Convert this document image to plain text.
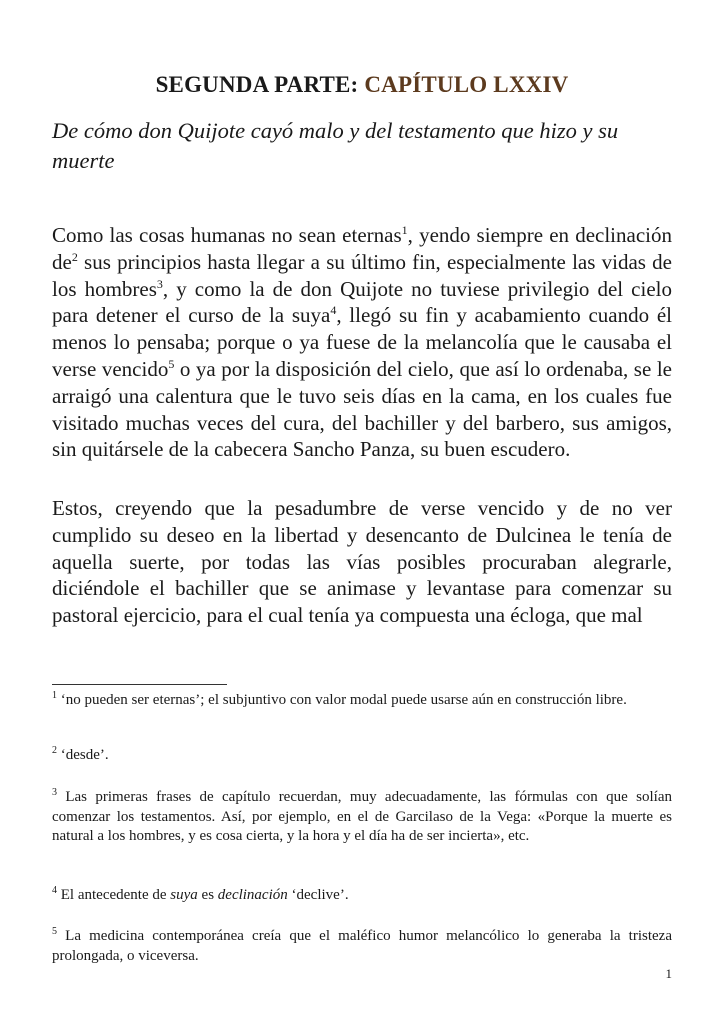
SEGUNDA PARTE: CAPÍTULO LXXIV

De cómo don Quijote cayó malo y del testamento que hizo y su muerte

Como las cosas humanas no sean eternas$^1$, yendo siempre en declinación $de^2$ sus principios hasta llegar a su último fin, especialmente las vidas de los hombres$^3$, y como la de don Quijote no tuviese privilegio del cielo para detener el curso de la suya$^4$, llegó su fin y acabamiento cuando él menos lo pensaba; porque o ya fuese de la melancolía que le causaba el verse vencido$^5$ o ya por la disposición del cielo, que así lo ordenaba, se le arraigó una calentura que le tuvo seis días en la cama, en los cuales fue visitado muchas veces del cura, del bachiller y del barbero, sus amigos, sin quitársele de la cabecera Sancho Panza, su buen escudero.

Estos, creyendo que la pesadumbre de verse vencido y de no ver cumplido su deseo en la libertad y desencanto de Dulcinea le tenía de aquella suerte, por todas las vías posibles procuraban alegrarle, diciéndole el bachiller que se animase y levantase para comenzar su pastoral ejercicio, para el cual tenía ya compuesta una écloga, que mal

$^1$ ‘no pueden ser eternas’; el subjuntivo con valor modal puede usarse aún en construcción libre.

$^2$ ‘desde’.

$^3$ Las primeras frases de capítulo recuerdan, muy adecuadamente, las fórmulas con que solían comenzar los testamentos. Así, por ejemplo, en el de Garcilaso de la Vega: «Porque la muerte es natural a los hombres, y es cosa cierta, y la hora y el día ha de ser incierta», etc.

$^4$ El antecedente de suya es declinación ‘declive’.

$^5$ La medicina contemporánea creía que el maléfico humor melancólico lo generaba la tristeza prolongada, o viceversa.

1
